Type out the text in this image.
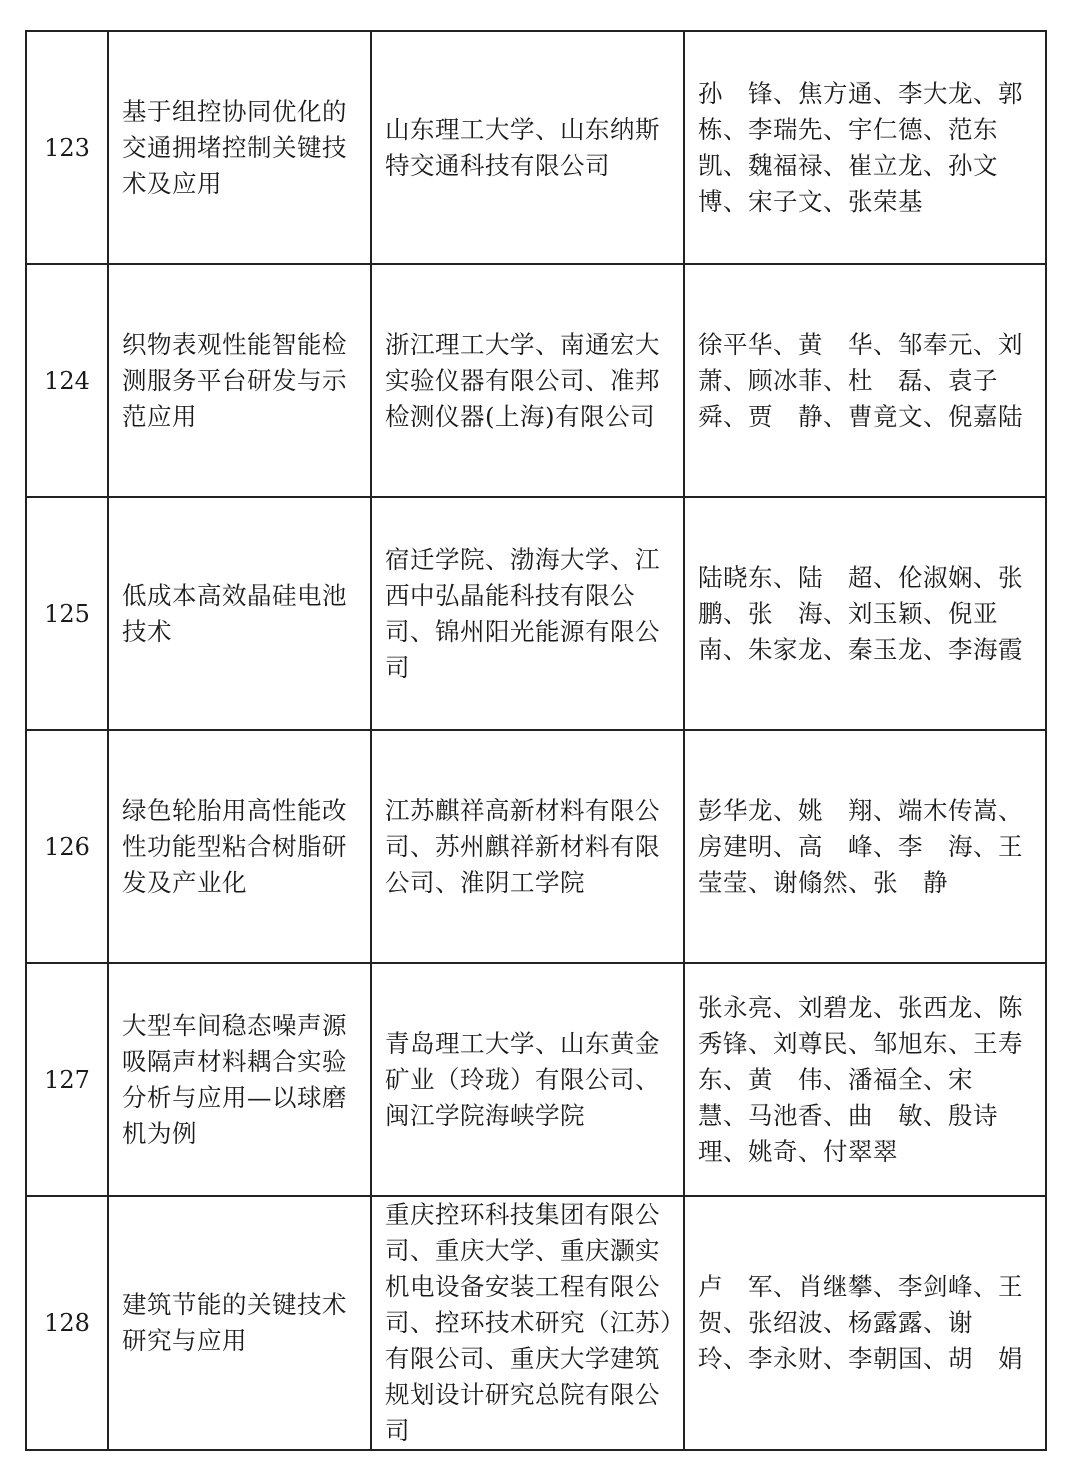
123	基于组控协同优化的交通拥堵控制关键技术及应用	山东理工大学、山东纳斯特交通科技有限公司	孙　锋、焦方通、李大龙、郭栋、李瑞先、宇仁德、范东凯、魏福禄、崔立龙、孙文博、宋子文、张荣基

124	织物表观性能智能检测服务平台研发与示范应用	浙江理工大学、南通宏大实验仪器有限公司、准邦检测仪器(上海)有限公司	徐平华、黄　华、邹奉元、刘萧、顾冰菲、杜　磊、袁子舜、贾　静、曹竟文、倪嘉陆

125	低成本高效晶硅电池技术	宿迁学院、渤海大学、江西中弘晶能科技有限公司、锦州阳光能源有限公司	陆晓东、陆　超、伦淑娴、张鹏、张　海、刘玉颖、倪亚南、朱家龙、秦玉龙、李海霞

126	绿色轮胎用高性能改性功能型粘合树脂研发及产业化	江苏麒祥高新材料有限公司、苏州麒祥新材料有限公司、淮阴工学院	彭华龙、姚　翔、端木传嵩、房建明、高　峰、李　海、王莹莹、谢翛然、张　静

127	大型车间稳态噪声源吸隔声材料耦合实验分析与应用—以球磨机为例	青岛理工大学、山东黄金矿业（玲珑）有限公司、闽江学院海峡学院	张永亮、刘碧龙、张西龙、陈秀锋、刘尊民、邹旭东、王寿东、黄　伟、潘福全、宋　慧、马池香、曲　敏、殷诗理、姚奇、付翠翠

128	建筑节能的关键技术研究与应用	重庆控环科技集团有限公司、重庆大学、重庆灏实机电设备安装工程有限公司、控环技术研究（江苏）有限公司、重庆大学建筑规划设计研究总院有限公司	卢　军、肖继攀、李剑峰、王　贺、张绍波、杨露露、谢　玲、李永财、李朝国、胡　娟
